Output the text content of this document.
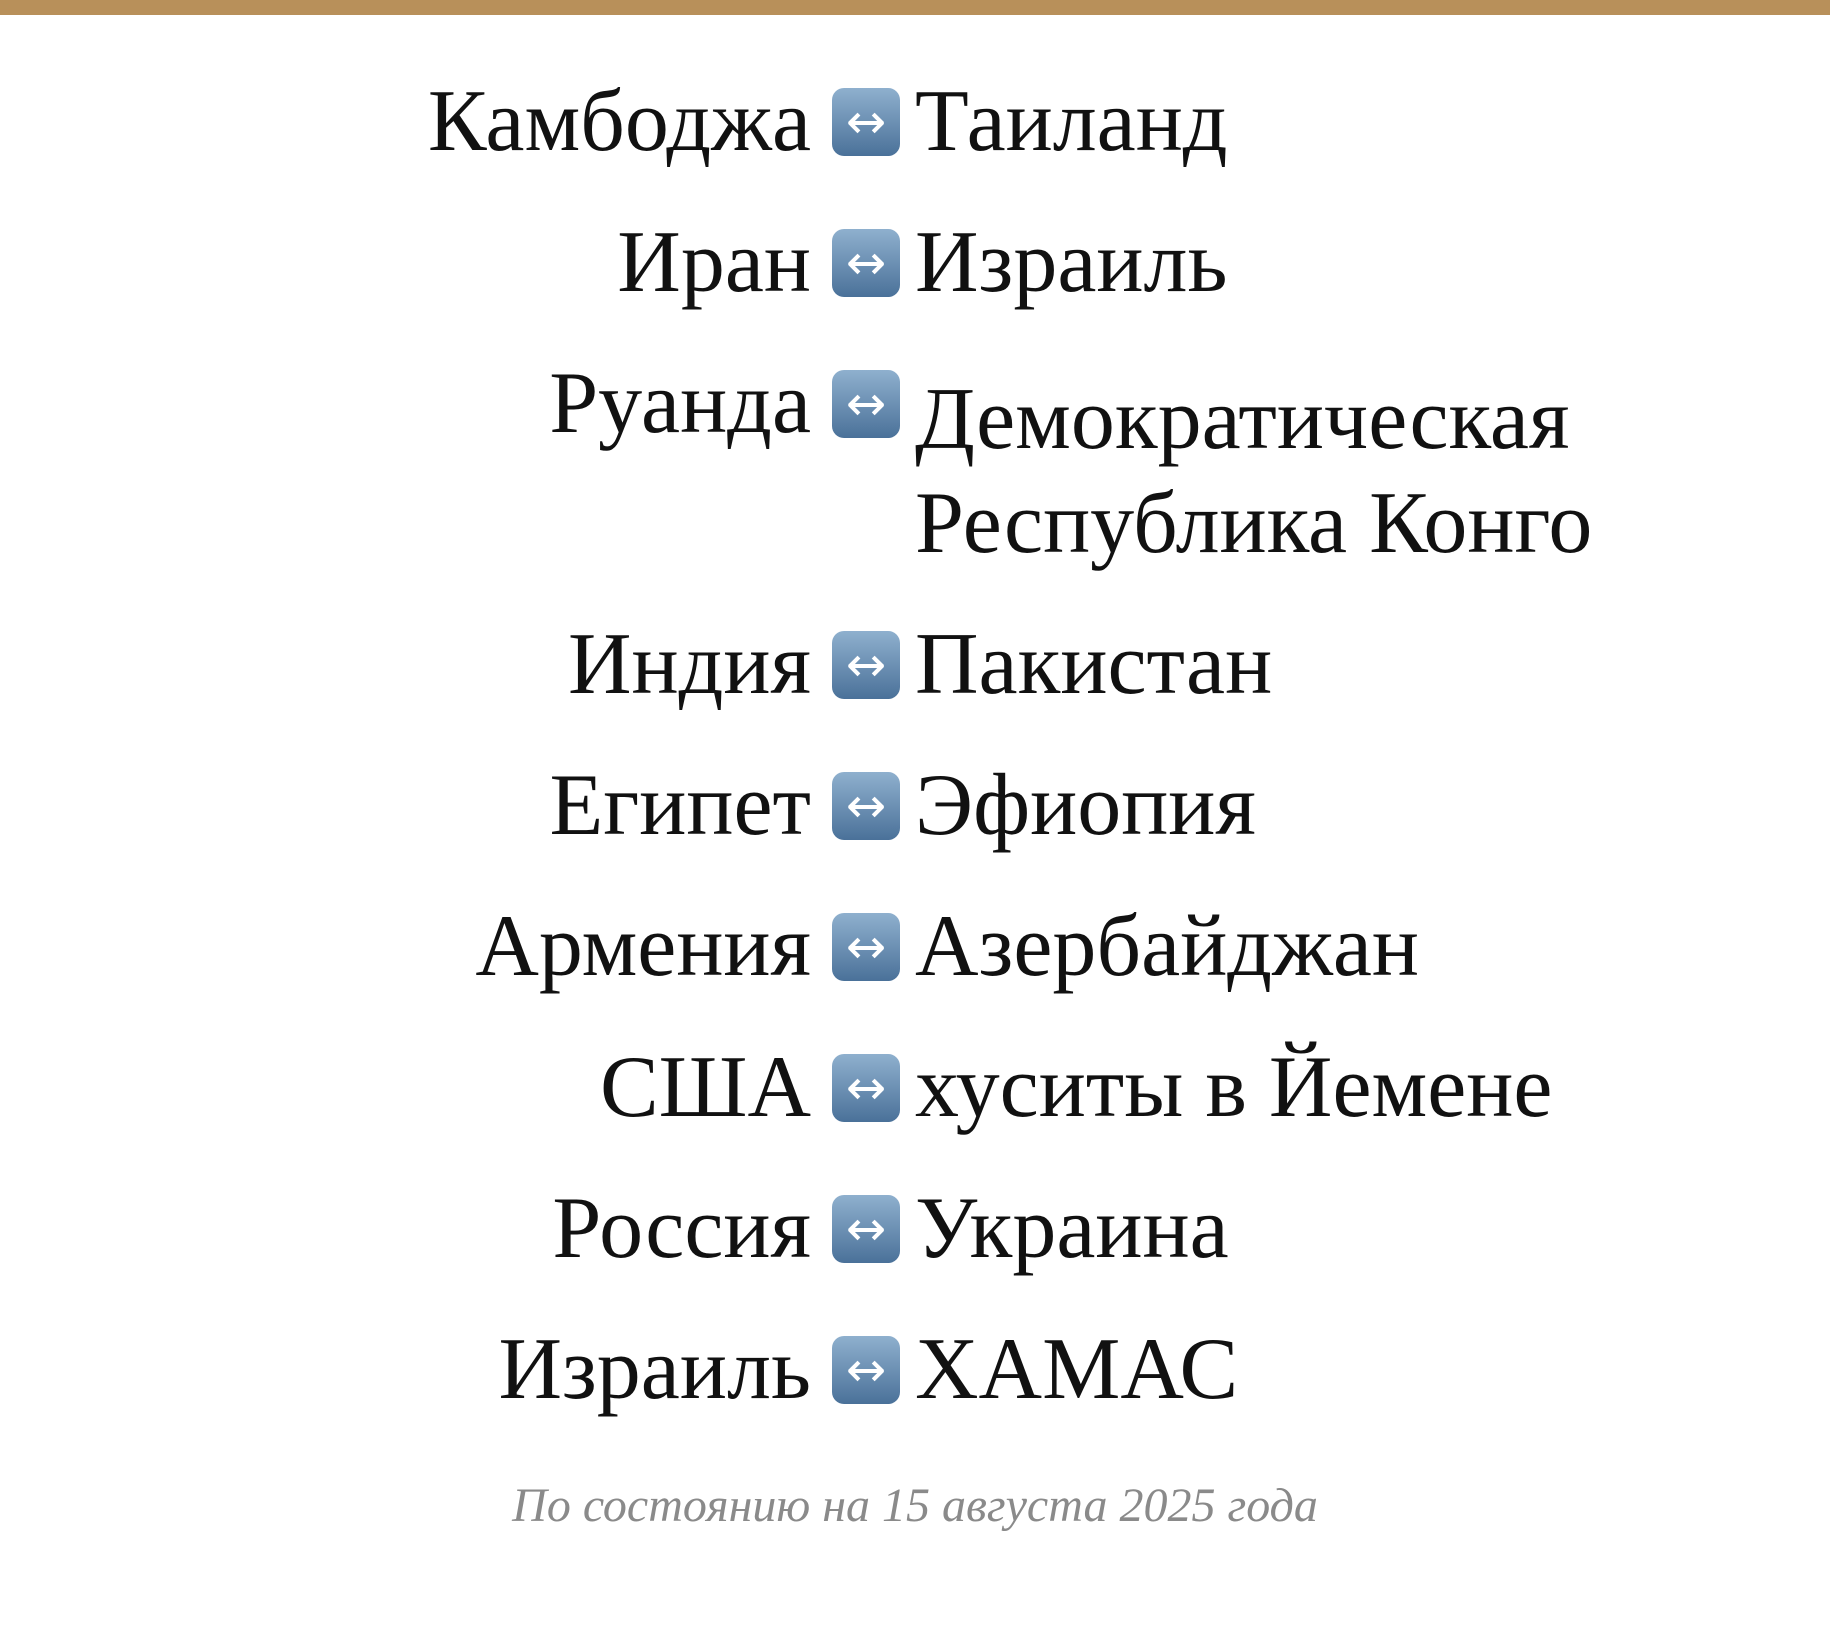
Камбоджа ↔ Таиланд
Иран ↔ Израиль
Руанда ↔ Демократическая
Республика Конго
Индия ↔ Пакистан
Египет ↔ Эфиопия
Армения ↔ Азербайджан
США ↔ хуситы в Йемене
Россия ↔ Украина
Израиль ↔ ХАМАС
По состоянию на 15 августа 2025 года
